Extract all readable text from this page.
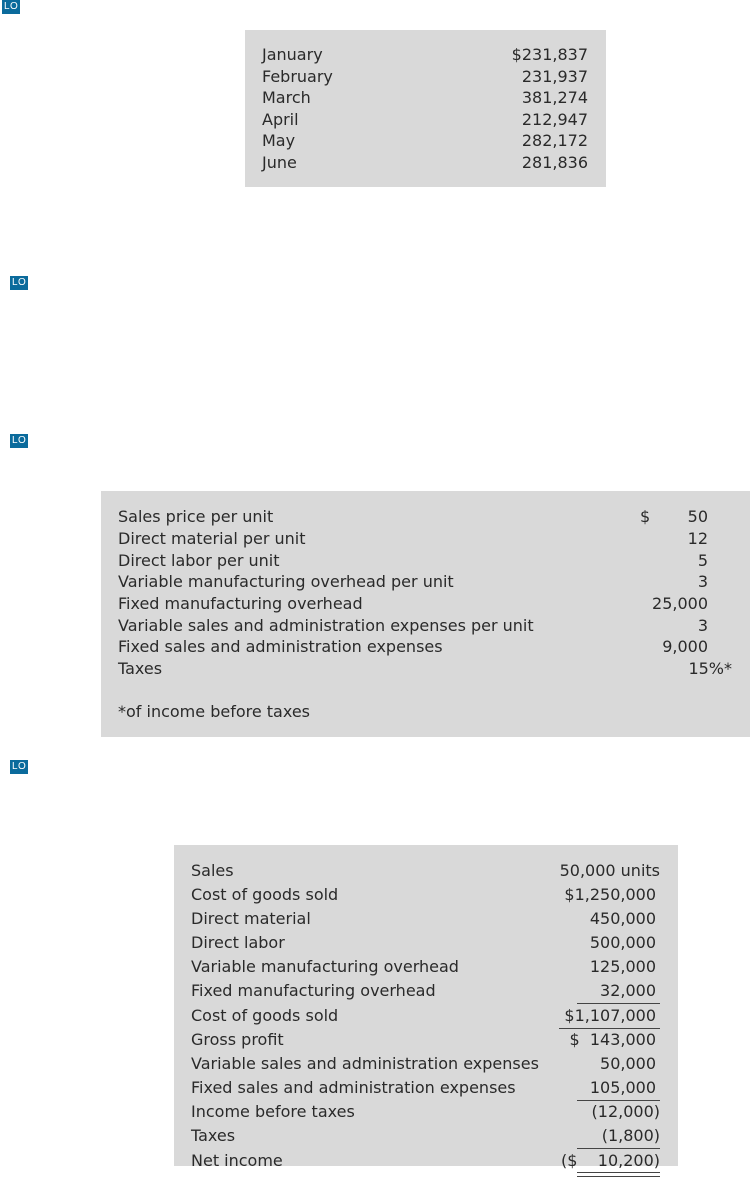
LO
LO
LO
LO
January	$231,837
February	231,937
March	381,274
April	212,947
May	282,172
June	281,836
Sales price per unit	$ 50
Direct material per unit	12
Direct labor per unit	5
Variable manufacturing overhead per unit	3
Fixed manufacturing overhead	25,000
Variable sales and administration expenses per unit	3
Fixed sales and administration expenses	9,000
Taxes	15%*
*of income before taxes
Sales	50,000 units
Cost of goods sold	$1,250,000
Direct material	450,000
Direct labor	500,000
Variable manufacturing overhead	125,000
Fixed manufacturing overhead	32,000
Cost of goods sold	$1,107,000
Gross profit	$  143,000
Variable sales and administration expenses	50,000
Fixed sales and administration expenses	105,000
Income before taxes	(12,000)
Taxes	(1,800)
Net income	($    10,200)
